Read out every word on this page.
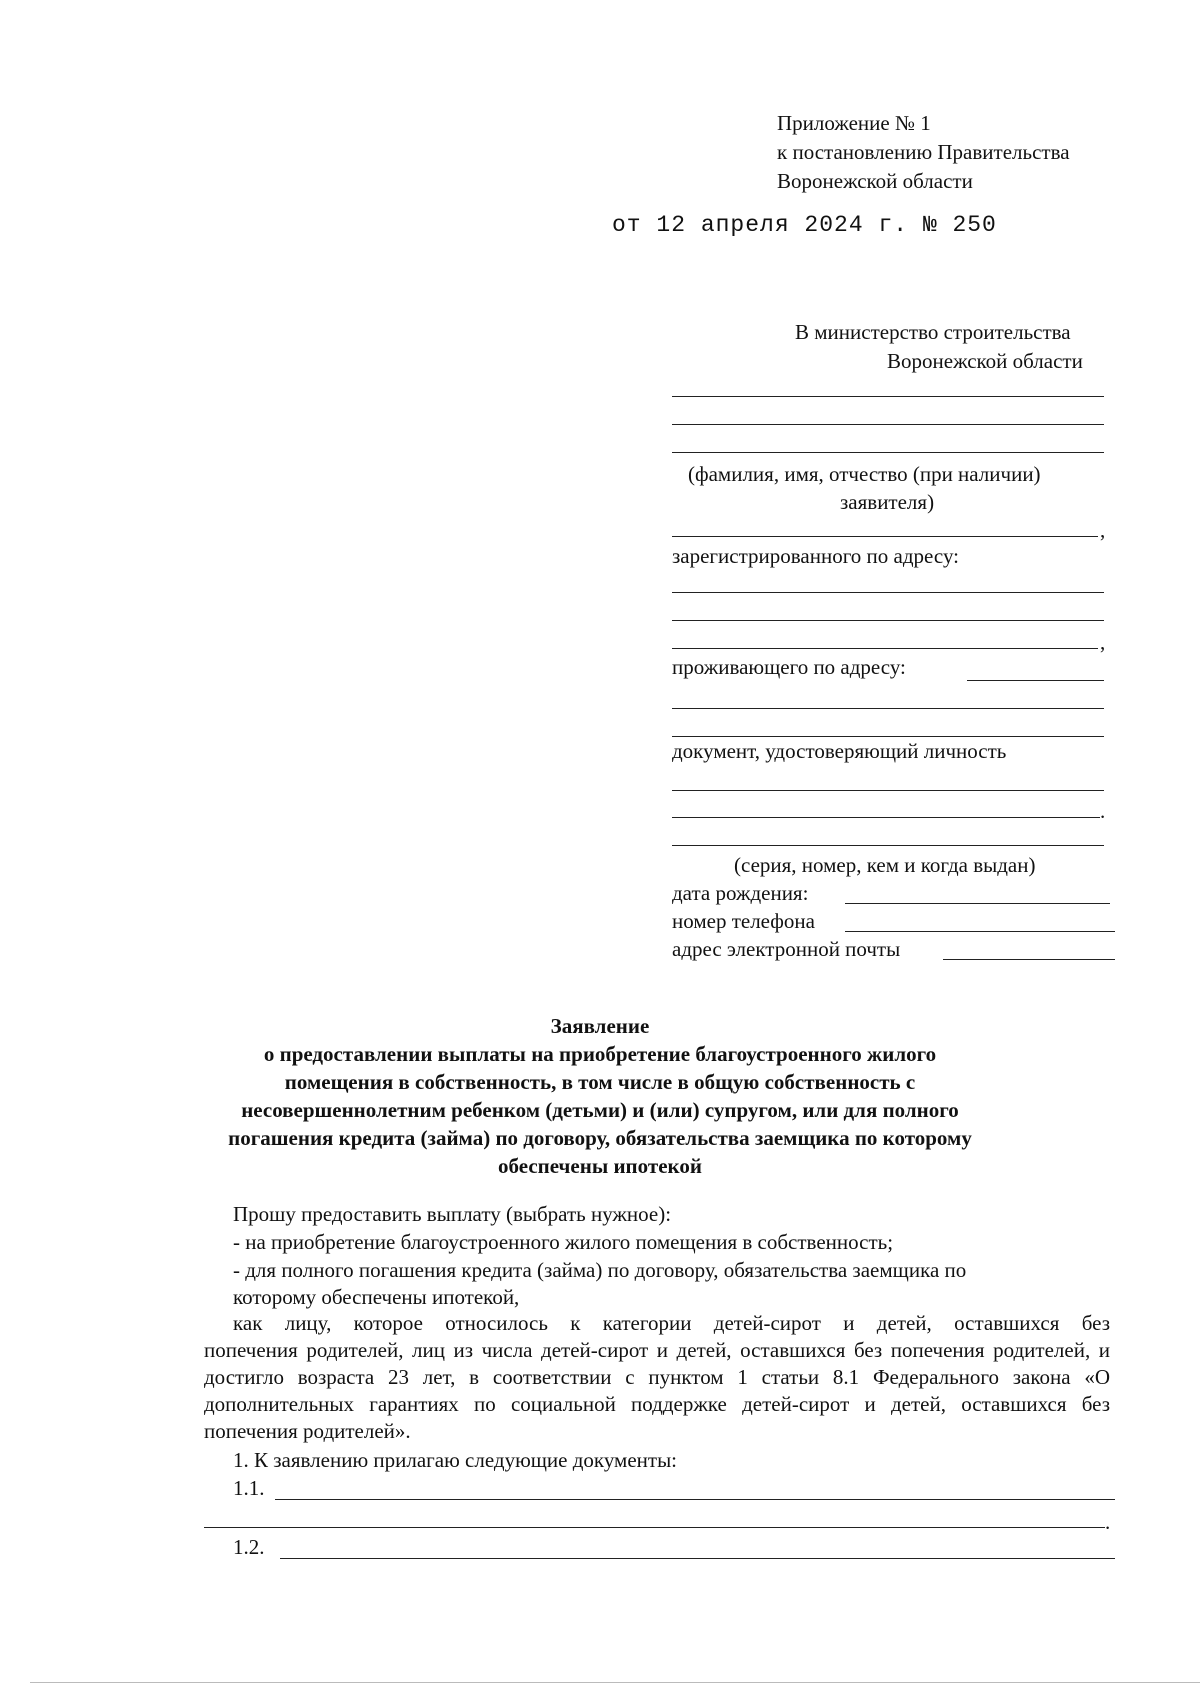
Приложение № 1
к постановлению Правительства
Воронежской области
от 12 апреля 2024 г. № 250
В министерство строительства
Воронежской области
(фамилия, имя, отчество (при наличии)
заявителя)
,
зарегистрированного по адресу:
,
проживающего по адресу:
документ, удостоверяющий личность
.
(серия, номер, кем и когда выдан)
дата рождения:
номер телефона
адрес электронной почты
Заявление
о предоставлении выплаты на приобретение благоустроенного жилого
помещения в собственность, в том числе в общую собственность с
несовершеннолетним ребенком (детьми) и (или) супругом, или для полного
погашения кредита (займа) по договору, обязательства заемщика по которому
обеспечены ипотекой
Прошу предоставить выплату (выбрать нужное):
- на приобретение благоустроенного жилого помещения в собственность;
- для полного погашения кредита (займа) по договору, обязательства заемщика по
которому обеспечены ипотекой,
как лицу, которое относилось к категории детей-сирот и детей, оставшихся без
попечения родителей, лиц из числа детей-сирот и детей, оставшихся без попечения родителей, и достигло возраста 23 лет, в соответствии с пунктом 1 статьи 8.1 Федерального закона «О дополнительных гарантиях по социальной поддержке детей-сирот и детей, оставшихся без попечения родителей».
1. К заявлению прилагаю следующие документы:
1.1.
.
1.2.
